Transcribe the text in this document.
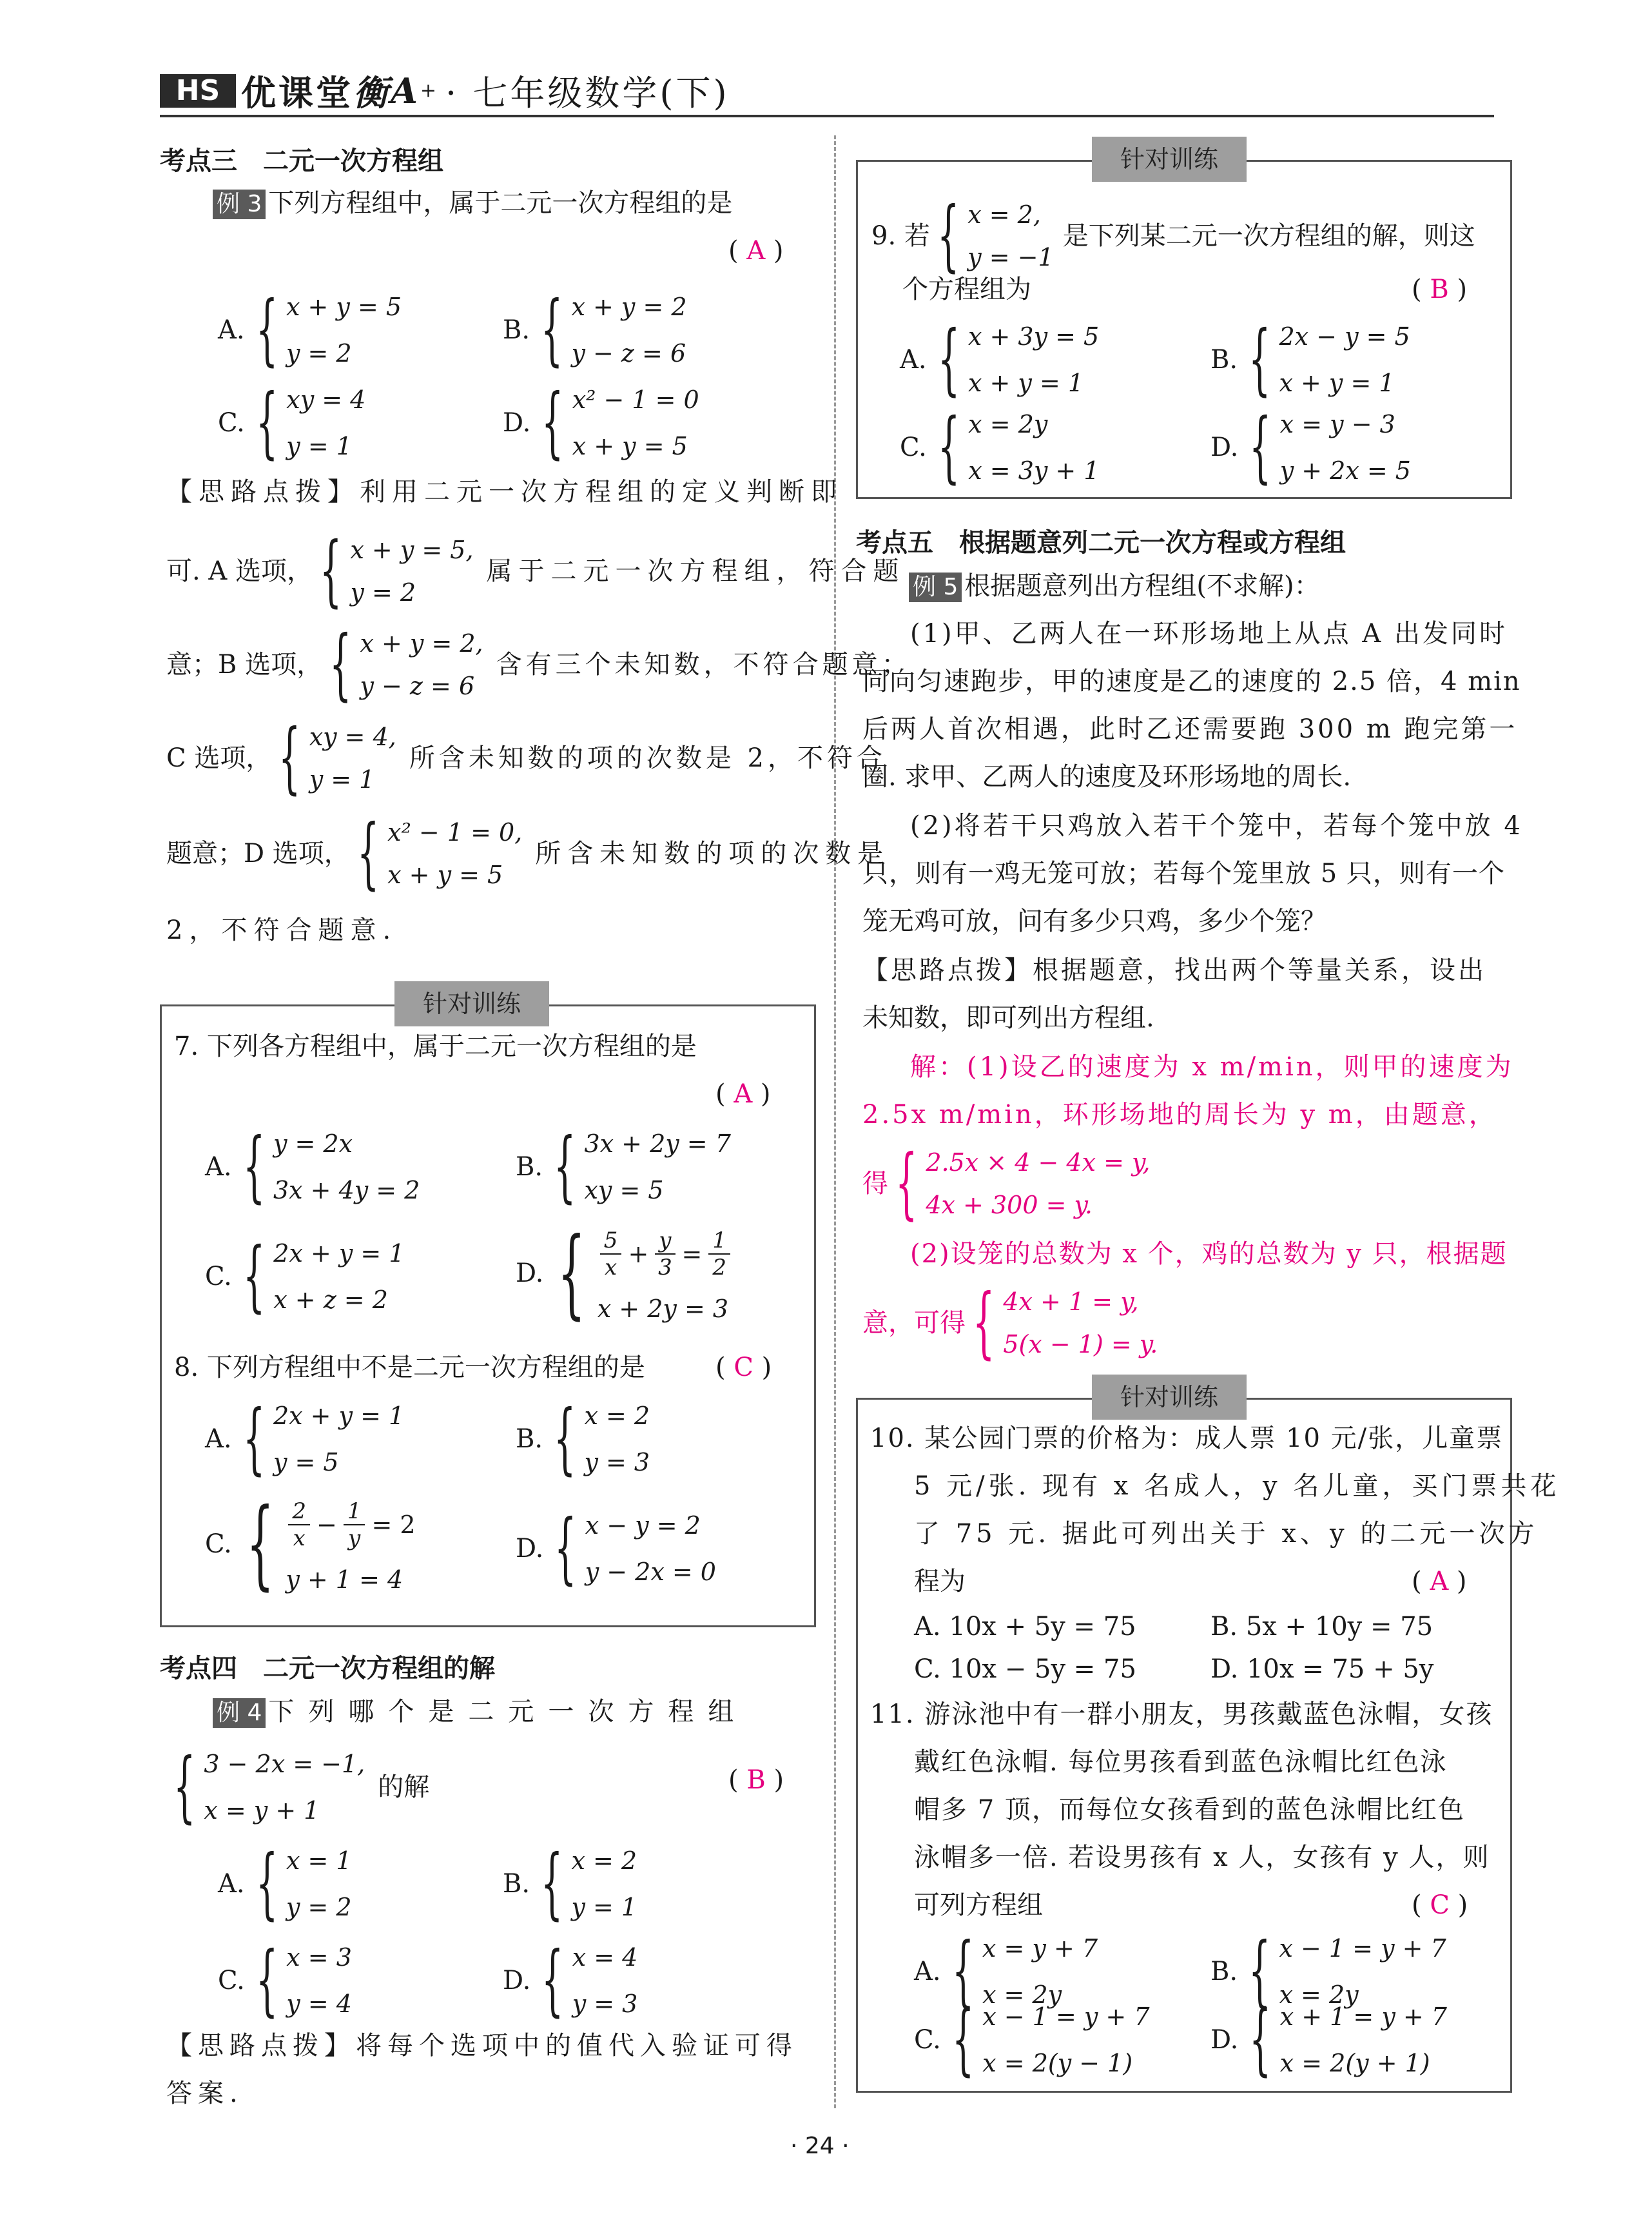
HS 优课堂 衡 A + · 七年级数学(下)
考点三　二元一次方程组
例 3 下列方程组中，属于二元一次方程组的是
( A )
A. { x + y = 5
y = 2
B. { x + y = 2
y − z = 6
C. { xy = 4
y = 1
D. { x² − 1 = 0
x + y = 5
【思路点拨】利用二元一次方程组的定义判断即
可. A 选项， { x + y = 5,
y = 2
属于二元一次方程组，符合题
意；B 选项， { x + y = 2,
y − z = 6
含有三个未知数，不符合题意；
C 选项， { xy = 4,
y = 1
所含未知数的项的次数是 2，不符合
题意；D 选项， { x² − 1 = 0,
x + y = 5
所含未知数的项的次数是
2，不符合题意.
针对训练
7. 下列各方程组中，属于二元一次方程组的是
( A )
A. { y = 2x
3x + 4y = 2
B. { 3x + 2y = 7
xy = 5
C. { 2x + y = 1
x + z = 2
D. { $\frac{5}{x} + \frac{y}{3} = \frac{1}{2}$
x + 2y = 3
8. 下列方程组中不是二元一次方程组的是	( C )
A. { 2x + y = 1
y = 5
B. { x = 2
y = 3
C. { $\frac{2}{x} - \frac{1}{y} = 2$
y + 1 = 4
D. { x − y = 2
y − 2x = 0
考点四　二元一次方程组的解
例 4 下列哪个是二元一次方程组
{ 3 − 2x = −1,
x = y + 1
的解	( B )
A. { x = 1
y = 2
B. { x = 2
y = 1
C. { x = 3
y = 4
D. { x = 4
y = 3
【思路点拨】将每个选项中的值代入验证可得
答案.
针对训练
9. 若 { x = 2,
y = −1
是下列某二元一次方程组的解，则这
个方程组为	( B )
A. { x + 3y = 5
x + y = 1
B. { 2x − y = 5
x + y = 1
C. { x = 2y
x = 3y + 1
D. { x = y − 3
y + 2x = 5
考点五　根据题意列二元一次方程或方程组
例 5 根据题意列出方程组(不求解)：
(1)甲、乙两人在一环形场地上从点 A 出发同时
同向匀速跑步，甲的速度是乙的速度的 2.5 倍，4 min
后两人首次相遇，此时乙还需要跑 300 m 跑完第一
圈. 求甲、乙两人的速度及环形场地的周长.
(2)将若干只鸡放入若干个笼中，若每个笼中放 4
只，则有一鸡无笼可放；若每个笼里放 5 只，则有一个
笼无鸡可放，问有多少只鸡，多少个笼？
【思路点拨】根据题意，找出两个等量关系，设出
未知数，即可列出方程组.
解：(1)设乙的速度为 x m/min，则甲的速度为
2.5x m/min，环形场地的周长为 y m，由题意，
得 { 2.5x × 4 − 4x = y,
4x + 300 = y.
(2)设笼的总数为 x 个，鸡的总数为 y 只，根据题
意，可得 { 4x + 1 = y,
5(x − 1) = y.
针对训练
10. 某公园门票的价格为：成人票 10 元/张，儿童票
5 元/张. 现有 x 名成人，y 名儿童，买门票共花
了 75 元. 据此可列出关于 x、y 的二元一次方
程为	( A )
A. 10x + 5y = 75	B. 5x + 10y = 75
C. 10x − 5y = 75	D. 10x = 75 + 5y
11. 游泳池中有一群小朋友，男孩戴蓝色泳帽，女孩
戴红色泳帽. 每位男孩看到蓝色泳帽比红色泳
帽多 7 顶，而每位女孩看到的蓝色泳帽比红色
泳帽多一倍. 若设男孩有 x 人，女孩有 y 人，则
可列方程组	( C )
A. { x = y + 7
x = 2y
B. { x − 1 = y + 7
x = 2y
C. { x − 1 = y + 7
x = 2(y − 1)
D. { x + 1 = y + 7
x = 2(y + 1)
· 24 ·
